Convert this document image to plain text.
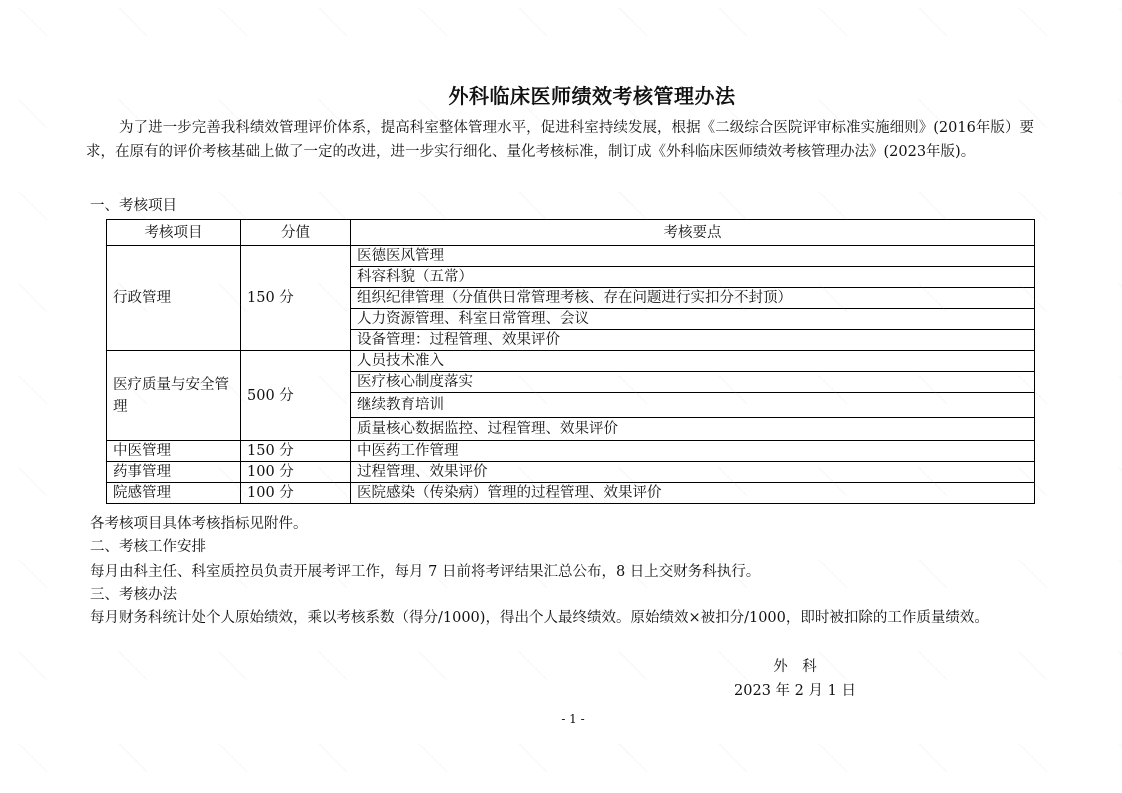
外科临床医师绩效考核管理办法
为了进一步完善我科绩效管理评价体系，提高科室整体管理水平，促进科室持续发展，根据《二级综合医院评审标准实施细则》(2016年版）要求，在原有的评价考核基础上做了一定的改进，进一步实行细化、量化考核标准，制订成《外科临床医师绩效考核管理办法》(2023年版)。
一、考核项目
考核项目	分值	考核要点
行政管理	150 分	医德医风管理
		科容科貌（五常）
		组织纪律管理（分值供日常管理考核、存在问题进行实扣分不封顶）
		人力资源管理、科室日常管理、会议
		设备管理：过程管理、效果评价
医疗质量与安全管理	500 分	人员技术准入
		医疗核心制度落实
		继续教育培训
		质量核心数据监控、过程管理、效果评价
中医管理	150 分	中医药工作管理
药事管理	100 分	过程管理、效果评价
院感管理	100 分	医院感染（传染病）管理的过程管理、效果评价
各考核项目具体考核指标见附件。
二、考核工作安排
每月由科主任、科室质控员负责开展考评工作，每月 7 日前将考评结果汇总公布，8 日上交财务科执行。
三、考核办法
每月财务科统计处个人原始绩效，乘以考核系数（得分/1000)，得出个人最终绩效。原始绩效×被扣分/1000，即时被扣除的工作质量绩效。
外　科
2023 年 2 月 1 日
- 1 -
